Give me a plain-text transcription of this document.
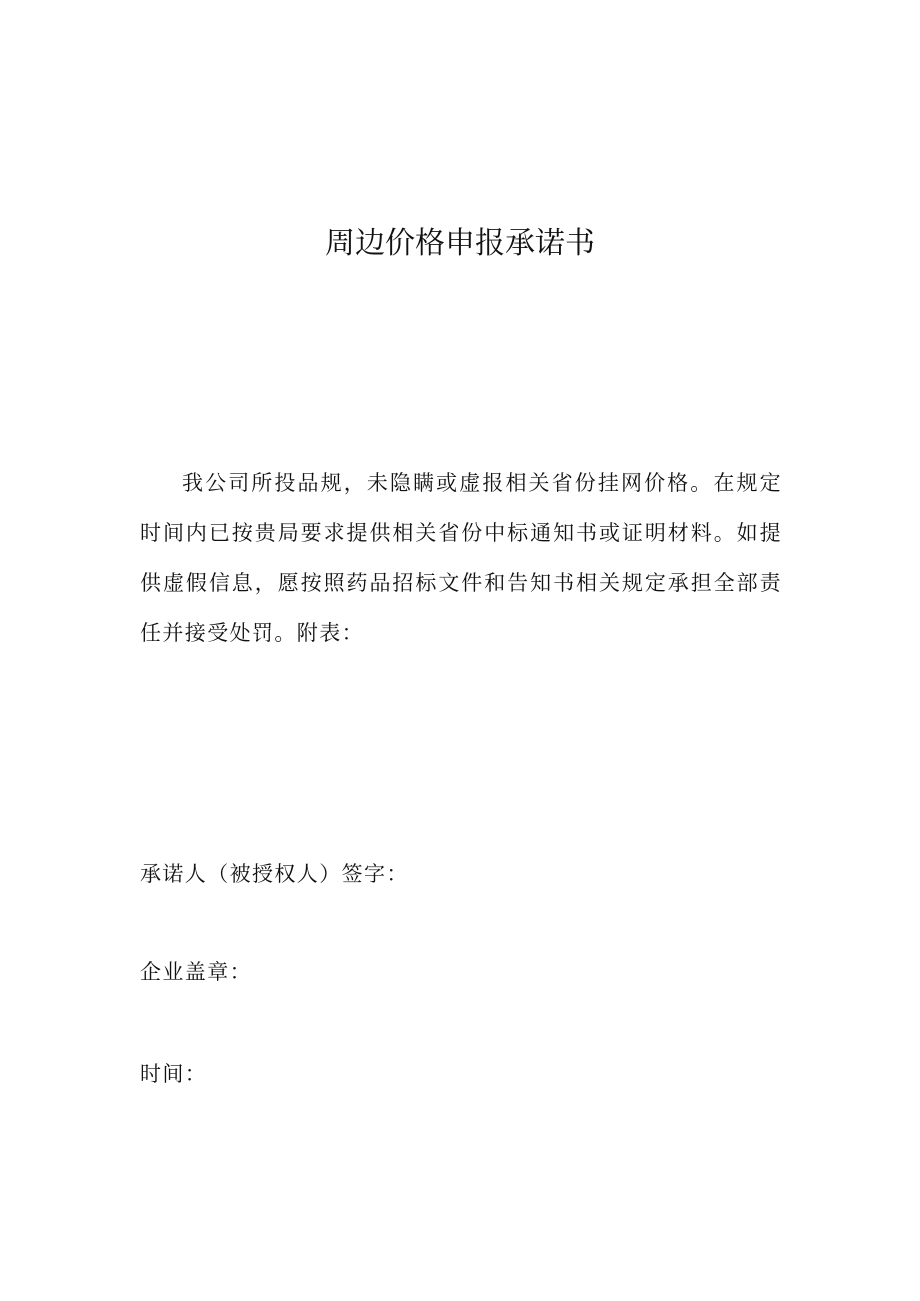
周边价格申报承诺书

我公司所投品规，未隐瞒或虚报相关省份挂网价格。在规定时间内已按贵局要求提供相关省份中标通知书或证明材料。如提供虚假信息，愿按照药品招标文件和告知书相关规定承担全部责任并接受处罚。附表：

承诺人（被授权人）签字：

企业盖章：

时间：
